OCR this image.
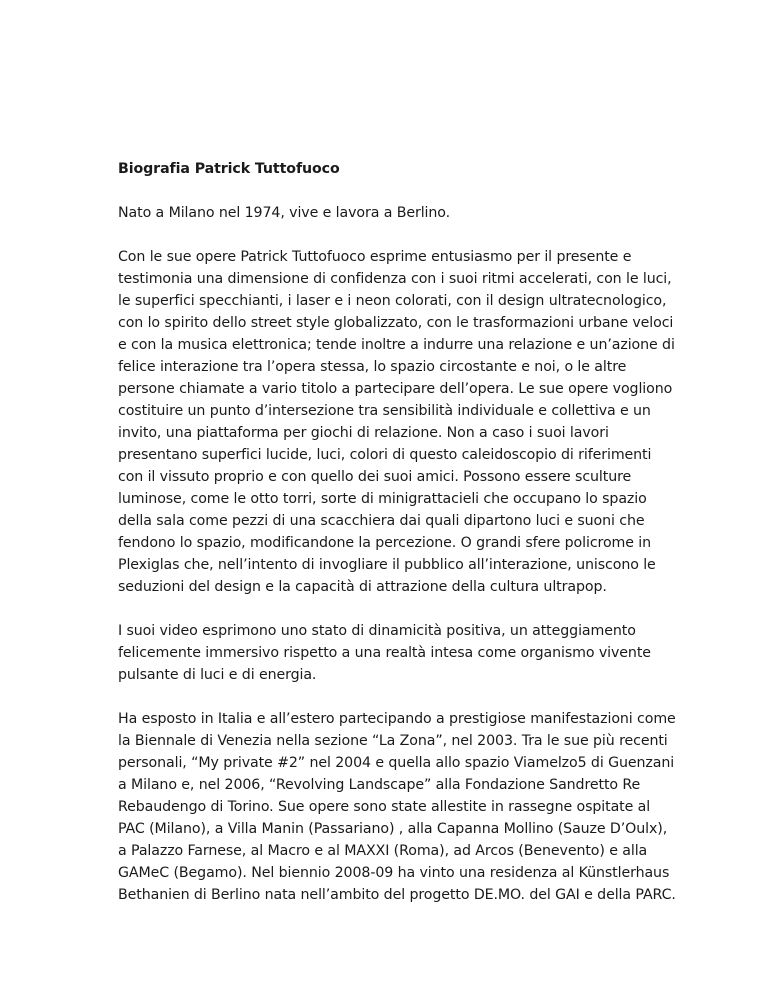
Biografia Patrick Tuttofuoco

Nato a Milano nel 1974, vive e lavora a Berlino.

Con le sue opere Patrick Tuttofuoco esprime entusiasmo per il presente e testimonia una dimensione di confidenza con i suoi ritmi accelerati, con le luci, le superfici specchianti, i laser e i neon colorati, con il design ultratecnologico, con lo spirito dello street style globalizzato, con le trasformazioni urbane veloci e con la musica elettronica; tende inoltre a indurre una relazione e un’azione di felice interazione tra l’opera stessa, lo spazio circostante e noi, o le altre persone chiamate a vario titolo a partecipare dell’opera. Le sue opere vogliono costituire un punto d’intersezione tra sensibilità individuale e collettiva e un invito, una piattaforma per giochi di relazione. Non a caso i suoi lavori presentano superfici lucide, luci, colori di questo caleidoscopio di riferimenti con il vissuto proprio e con quello dei suoi amici. Possono essere sculture luminose, come le otto torri, sorte di minigrattacieli che occupano lo spazio della sala come pezzi di una scacchiera dai quali dipartono luci e suoni che fendono lo spazio, modificandone la percezione. O grandi sfere policrome in Plexiglas che, nell’intento di invogliare il pubblico all’interazione, uniscono le seduzioni del design e la capacità di attrazione della cultura ultrapop.

I suoi video esprimono uno stato di dinamicità positiva, un atteggiamento felicemente immersivo rispetto a una realtà intesa come organismo vivente pulsante di luci e di energia.

Ha esposto in Italia e all’estero partecipando a prestigiose manifestazioni come la Biennale di Venezia nella sezione “La Zona”, nel 2003. Tra le sue più recenti personali, “My private #2” nel 2004 e quella allo spazio Viamelzo5 di Guenzani a Milano e, nel 2006, “Revolving Landscape” alla Fondazione Sandretto Re Rebaudengo di Torino. Sue opere sono state allestite in rassegne ospitate al PAC (Milano), a Villa Manin (Passariano) , alla Capanna Mollino (Sauze D’Oulx), a Palazzo Farnese, al Macro e al MAXXI (Roma), ad Arcos (Benevento) e alla GAMeC (Begamo). Nel biennio 2008-09 ha vinto una residenza al Künstlerhaus Bethanien di Berlino nata nell’ambito del progetto DE.MO. del GAI e della PARC.
